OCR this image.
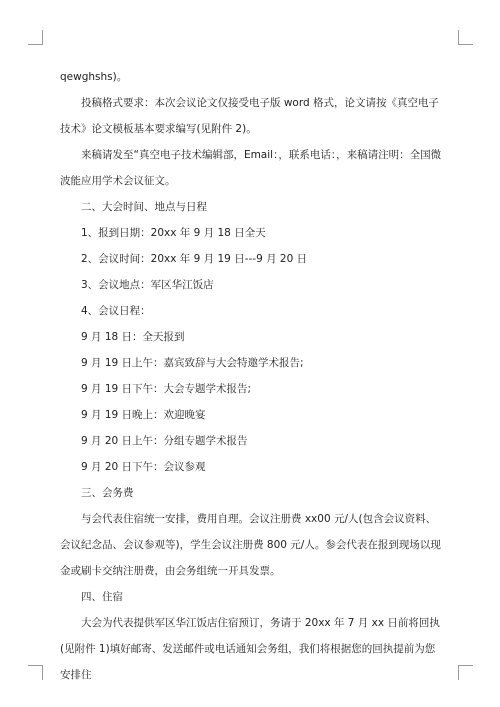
qewghshs)。

投稿格式要求：本次会议论文仅接受电子版 word 格式，论文请按《真空电子技术》论文模板基本要求编写(见附件 2)。

来稿请发至“真空电子技术编辑部，Email：，联系电话：，来稿请注明：全国微波能应用学术会议征文。

二、大会时间、地点与日程

1、报到日期：20xx 年 9 月 18 日全天

2、会议时间：20xx 年 9 月 19 日---9 月 20 日

3、会议地点：军区华江饭店

4、会议日程：

9 月 18 日：全天报到

9 月 19 日上午：嘉宾致辞与大会特邀学术报告;

9 月 19 日下午：大会专题学术报告;

9 月 19 日晚上：欢迎晚宴

9 月 20 日上午：分组专题学术报告

9 月 20 日下午：会议参观

三、会务费

与会代表住宿统一安排，费用自理。会议注册费 xx00 元/人(包含会议资料、会议纪念品、会议参观等)，学生会议注册费 800 元/人。参会代表在报到现场以现金或刷卡交纳注册费，由会务组统一开具发票。

四、住宿

大会为代表提供军区华江饭店住宿预订，务请于 20xx 年 7 月 xx 日前将回执(见附件 1)填好邮寄、发送邮件或电话通知会务组，我们将根据您的回执提前为您安排住
